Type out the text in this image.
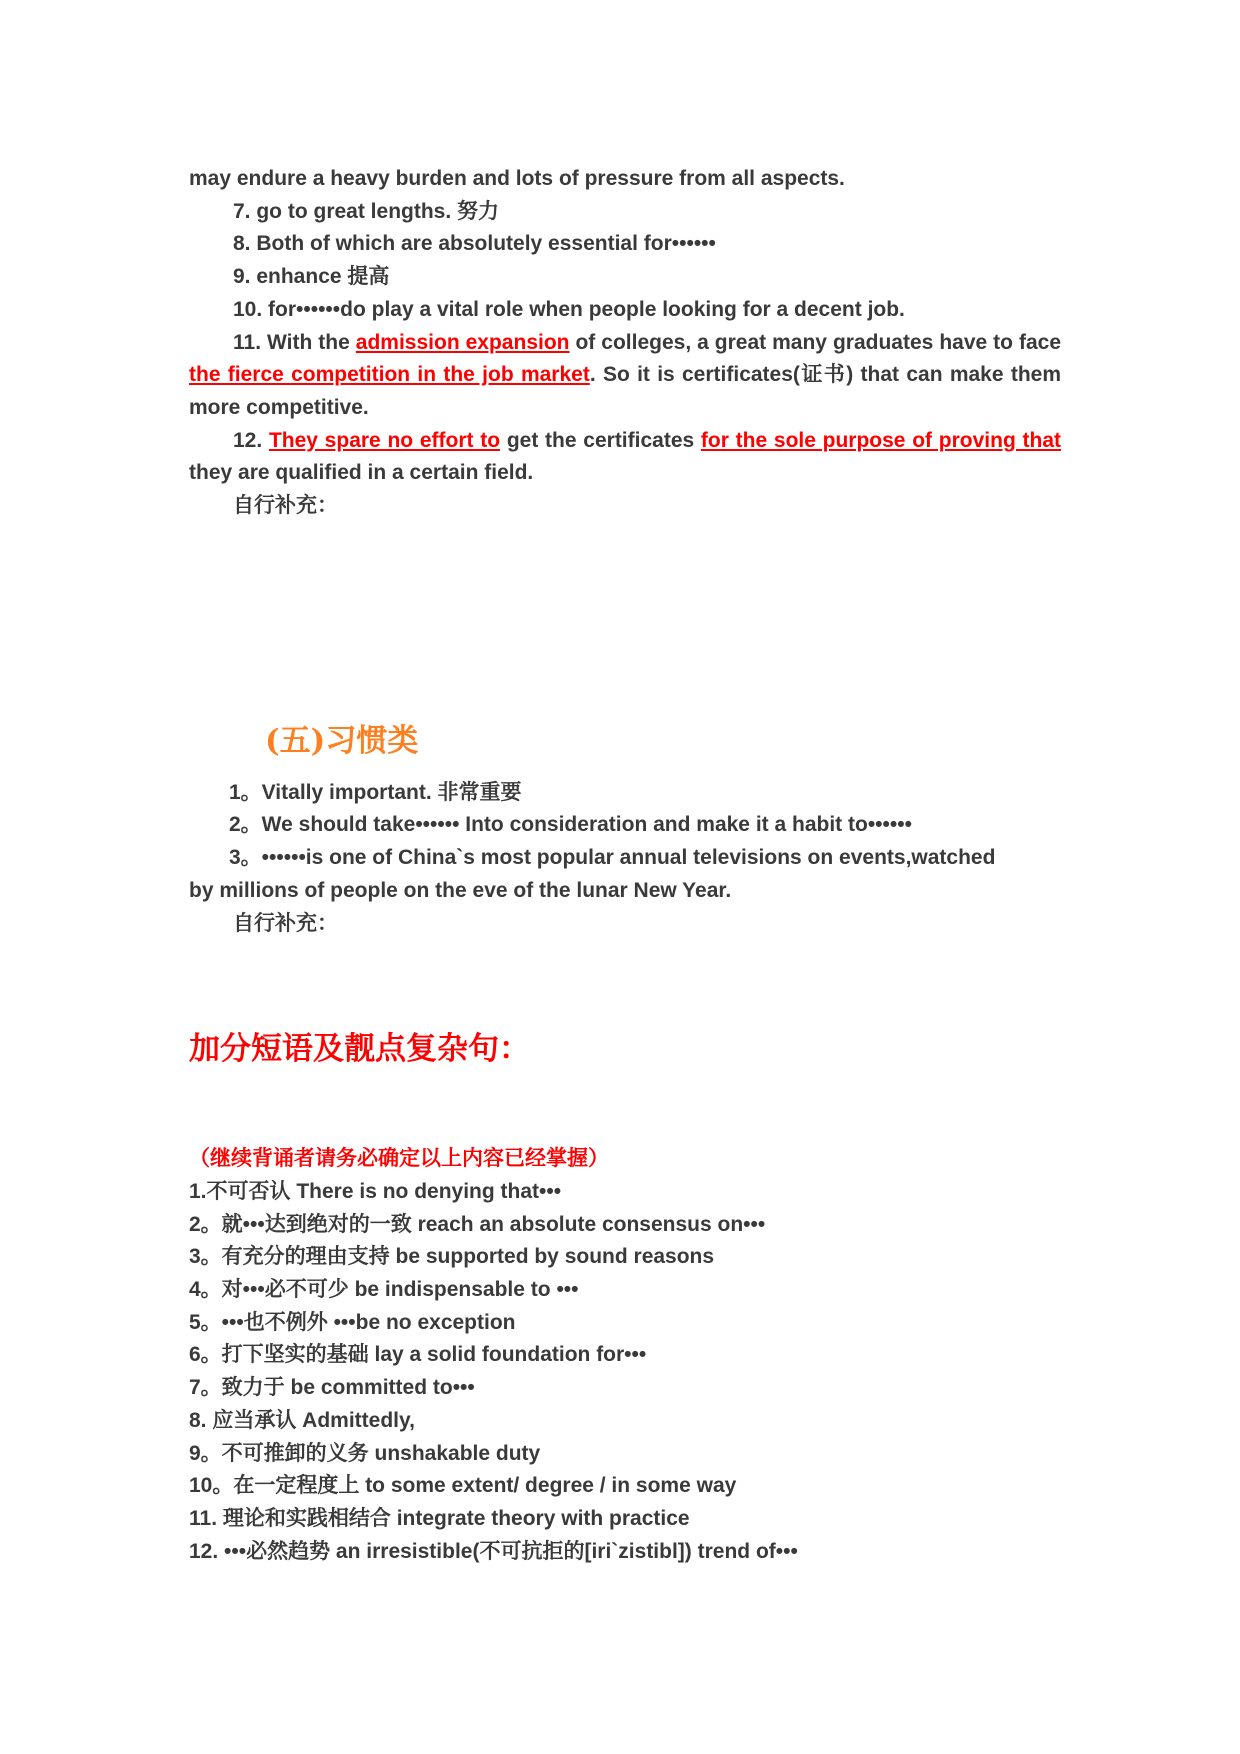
may endure a heavy burden and lots of pressure from all aspects.

7. go to great lengths. 努力

8. Both of which are absolutely essential for••••••

9. enhance 提高

10. for••••••do play a vital role when people looking for a decent job.

11. With the admission expansion of colleges, a great many graduates have to face the fierce competition in the job market. So it is certificates(证书) that can make them more competitive.

12. They spare no effort to get the certificates for the sole purpose of proving that they are qualified in a certain field.

自行补充：

(五)习惯类

1。Vitally important. 非常重要

2。We should take•••••• Into consideration and make it a habit to••••••

3。••••••is one of China`s most popular annual televisions on events,watched

by millions of people on the eve of the lunar New Year.

自行补充：

加分短语及靓点复杂句：

（继续背诵者请务必确定以上内容已经掌握）

1.不可否认 There is no denying that•••

2。就•••达到绝对的一致 reach an absolute consensus on•••

3。有充分的理由支持 be supported by sound reasons

4。对•••必不可少 be indispensable to •••

5。•••也不例外 •••be no exception

6。打下坚实的基础 lay a solid foundation for•••

7。致力于 be committed to•••

8. 应当承认 Admittedly,

9。不可推卸的义务 unshakable duty

10。在一定程度上 to some extent/ degree / in some way

11. 理论和实践相结合 integrate theory with practice

12. •••必然趋势 an irresistible(不可抗拒的[iri`zistibl]) trend of•••
